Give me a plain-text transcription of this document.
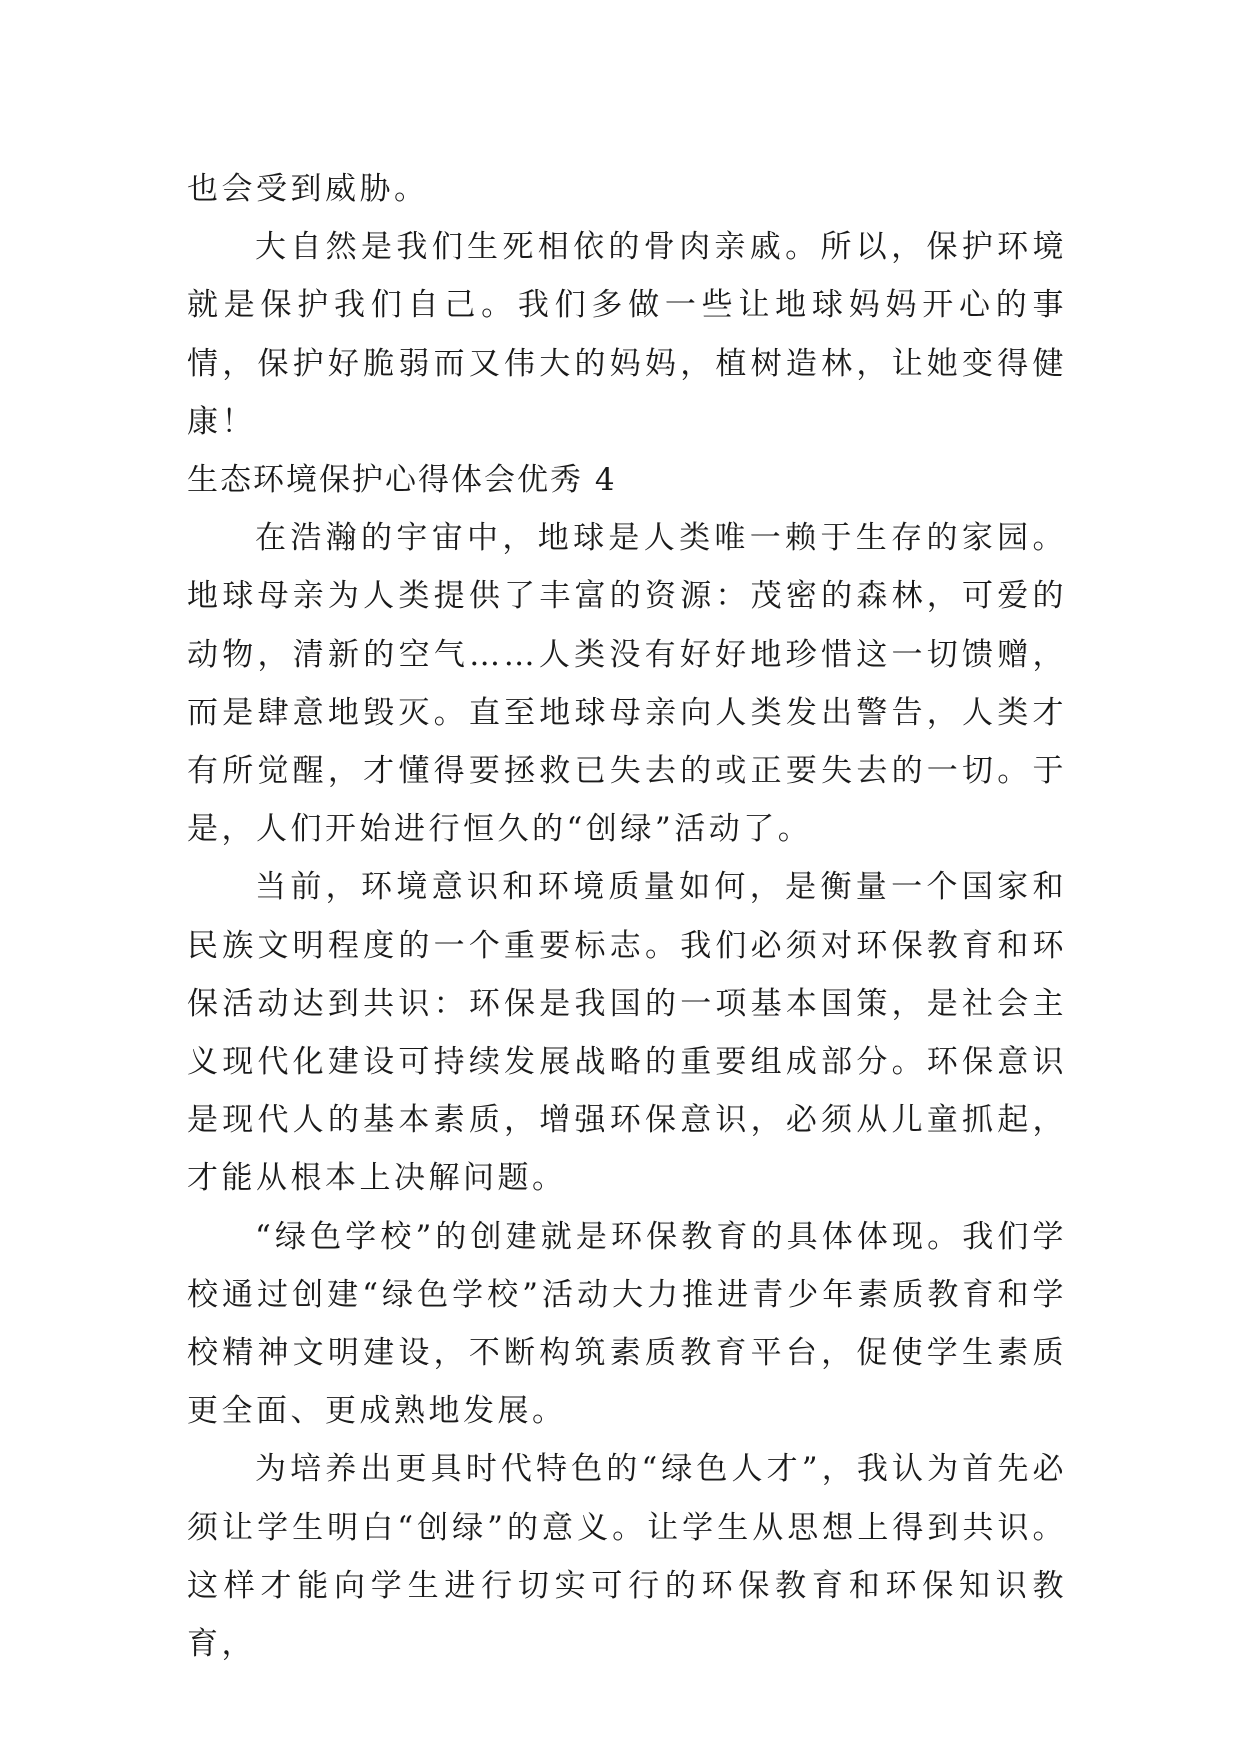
也会受到威胁。

大自然是我们生死相依的骨肉亲戚。所以，保护环境就是保护我们自己。我们多做一些让地球妈妈开心的事情，保护好脆弱而又伟大的妈妈，植树造林，让她变得健康！

生态环境保护心得体会优秀 4

在浩瀚的宇宙中，地球是人类唯一赖于生存的家园。地球母亲为人类提供了丰富的资源：茂密的森林，可爱的动物，清新的空气……人类没有好好地珍惜这一切馈赠，而是肆意地毁灭。直至地球母亲向人类发出警告，人类才有所觉醒，才懂得要拯救已失去的或正要失去的一切。于是，人们开始进行恒久的“创绿”活动了。

当前，环境意识和环境质量如何，是衡量一个国家和民族文明程度的一个重要标志。我们必须对环保教育和环保活动达到共识：环保是我国的一项基本国策，是社会主义现代化建设可持续发展战略的重要组成部分。环保意识是现代人的基本素质，增强环保意识，必须从儿童抓起，才能从根本上决解问题。

“绿色学校”的创建就是环保教育的具体体现。我们学校通过创建“绿色学校”活动大力推进青少年素质教育和学校精神文明建设，不断构筑素质教育平台，促使学生素质更全面、更成熟地发展。

为培养出更具时代特色的“绿色人才”，我认为首先必须让学生明白“创绿”的意义。让学生从思想上得到共识。这样才能向学生进行切实可行的环保教育和环保知识教育，
